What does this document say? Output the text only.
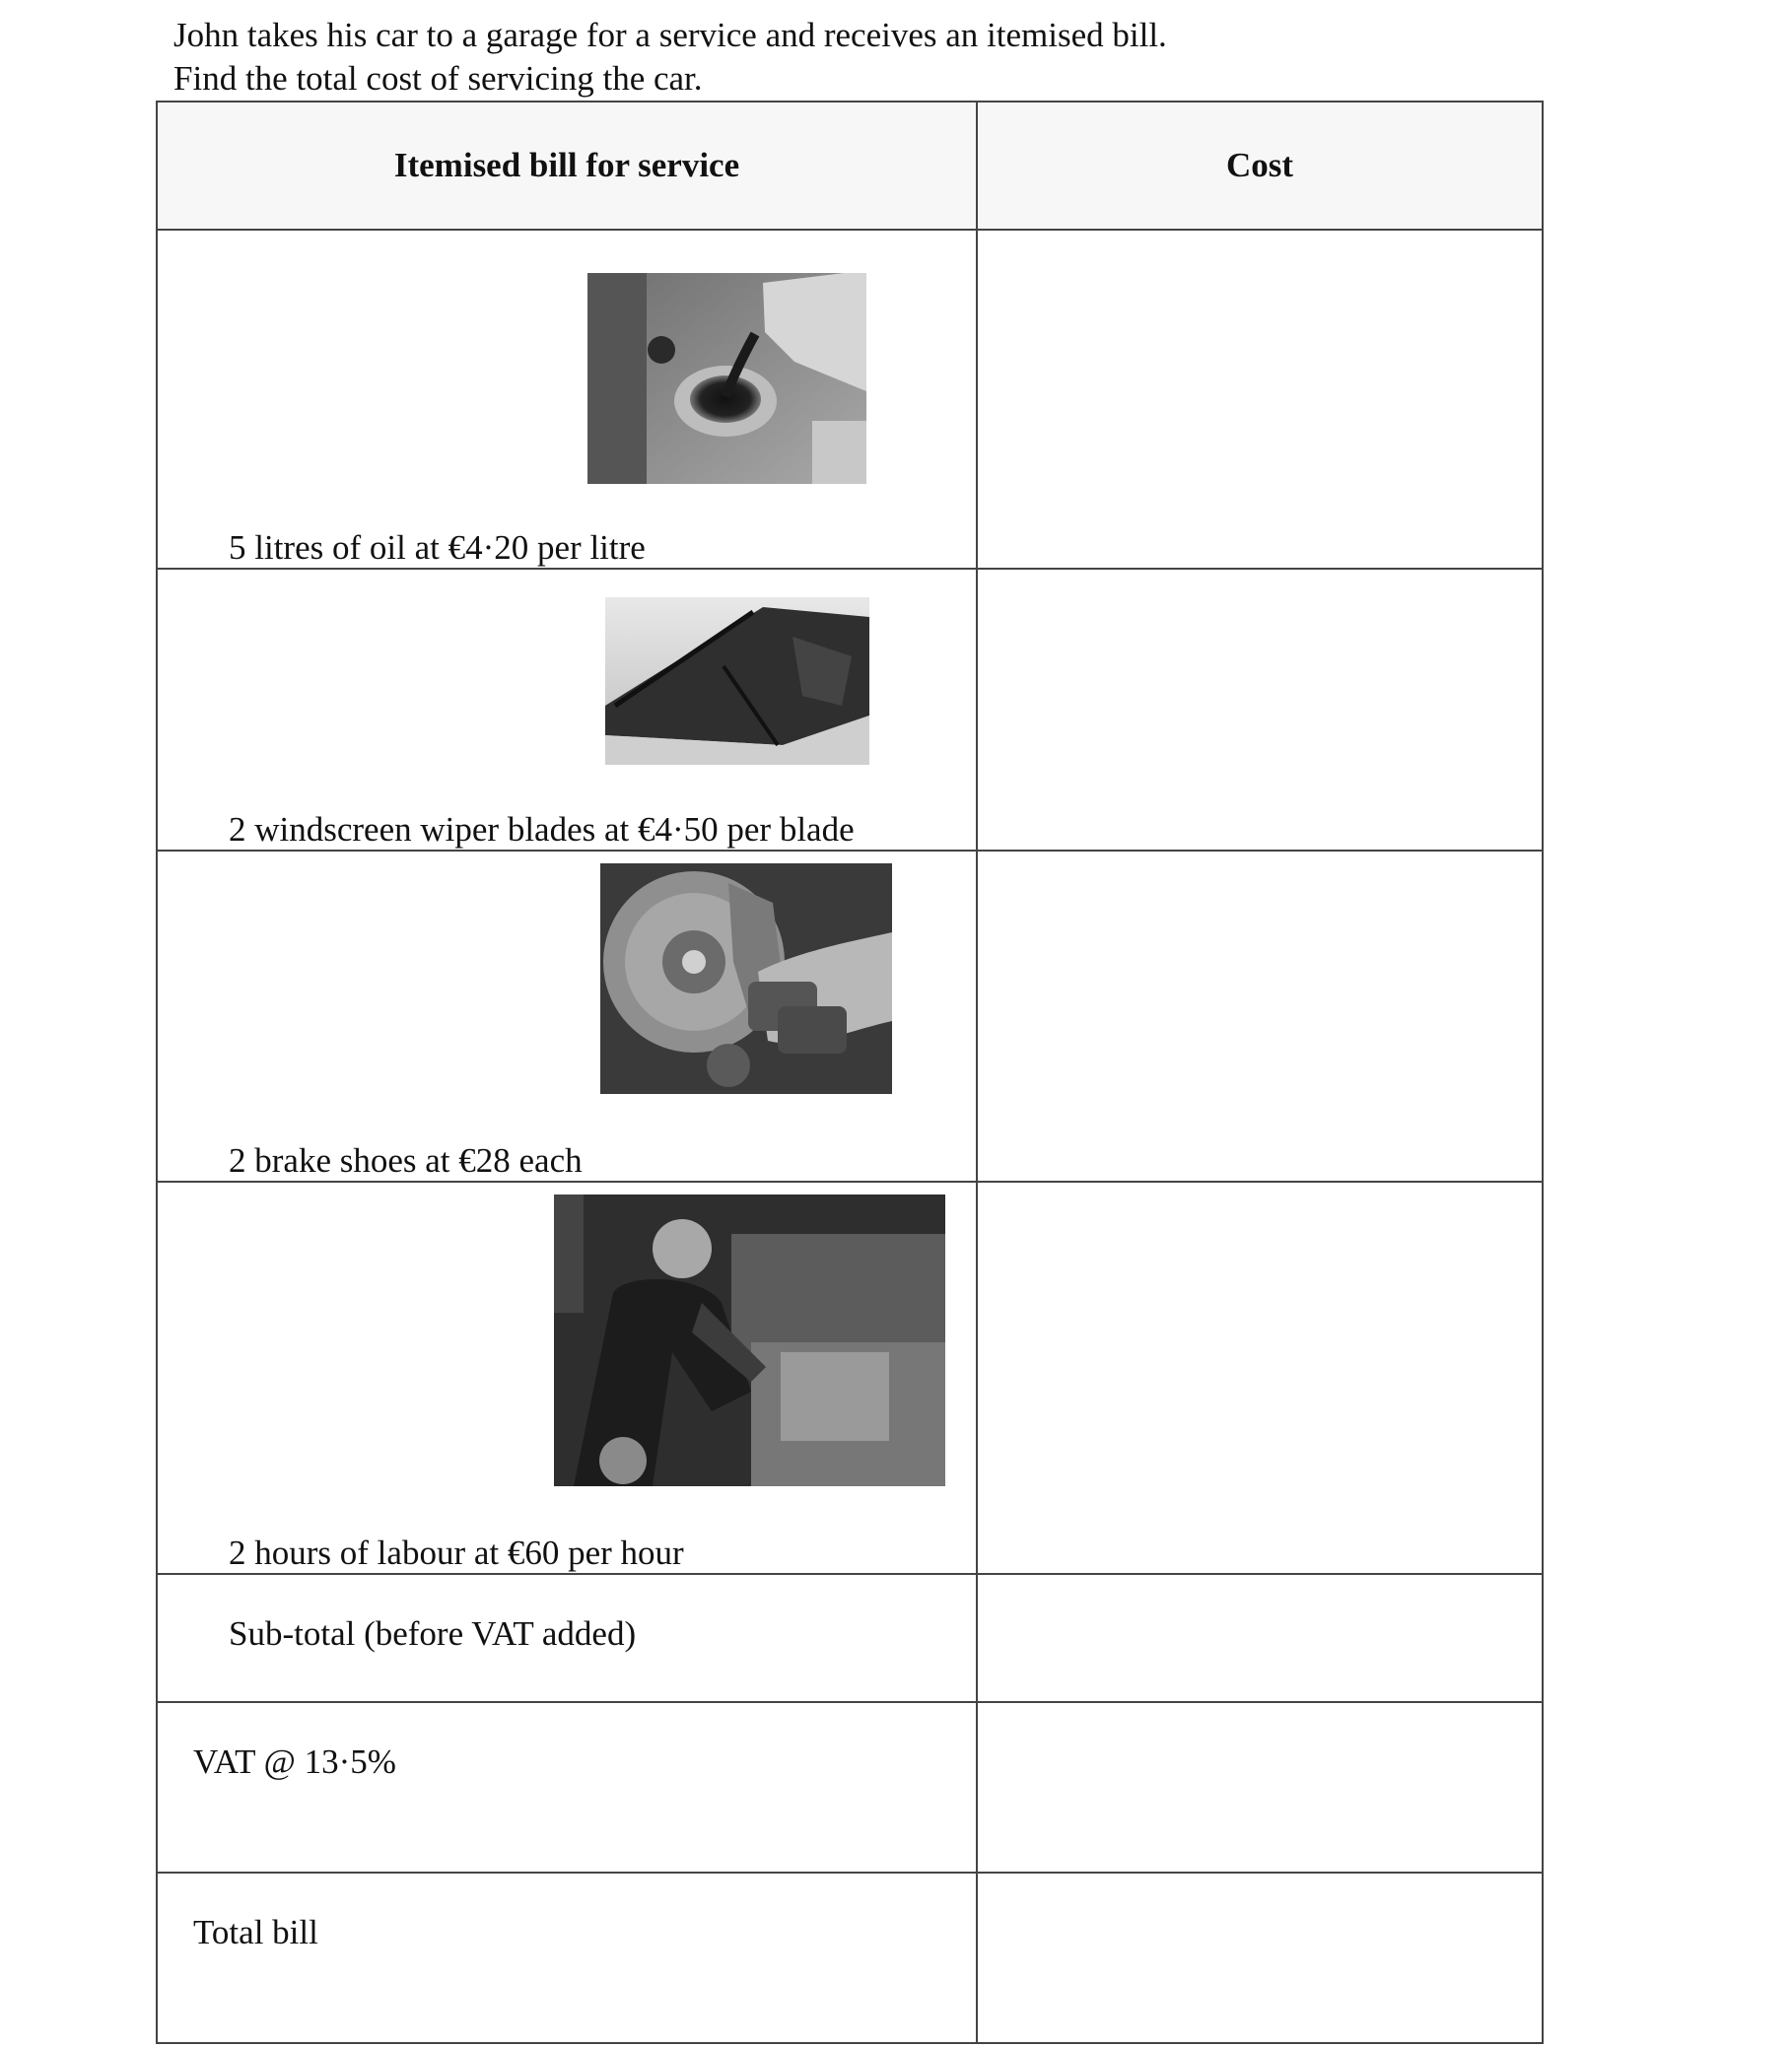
John takes his car to a garage for a service and receives an itemised bill.
Find the total cost of servicing the car.
Itemised bill for service	Cost

5 litres of oil at €4·20 per litre	

2 windscreen wiper blades at €4·50 per blade	

2 brake shoes at €28 each	

2 hours of labour at €60 per hour	

Sub-total (before VAT added)	

VAT @ 13·5%	

Total bill	
